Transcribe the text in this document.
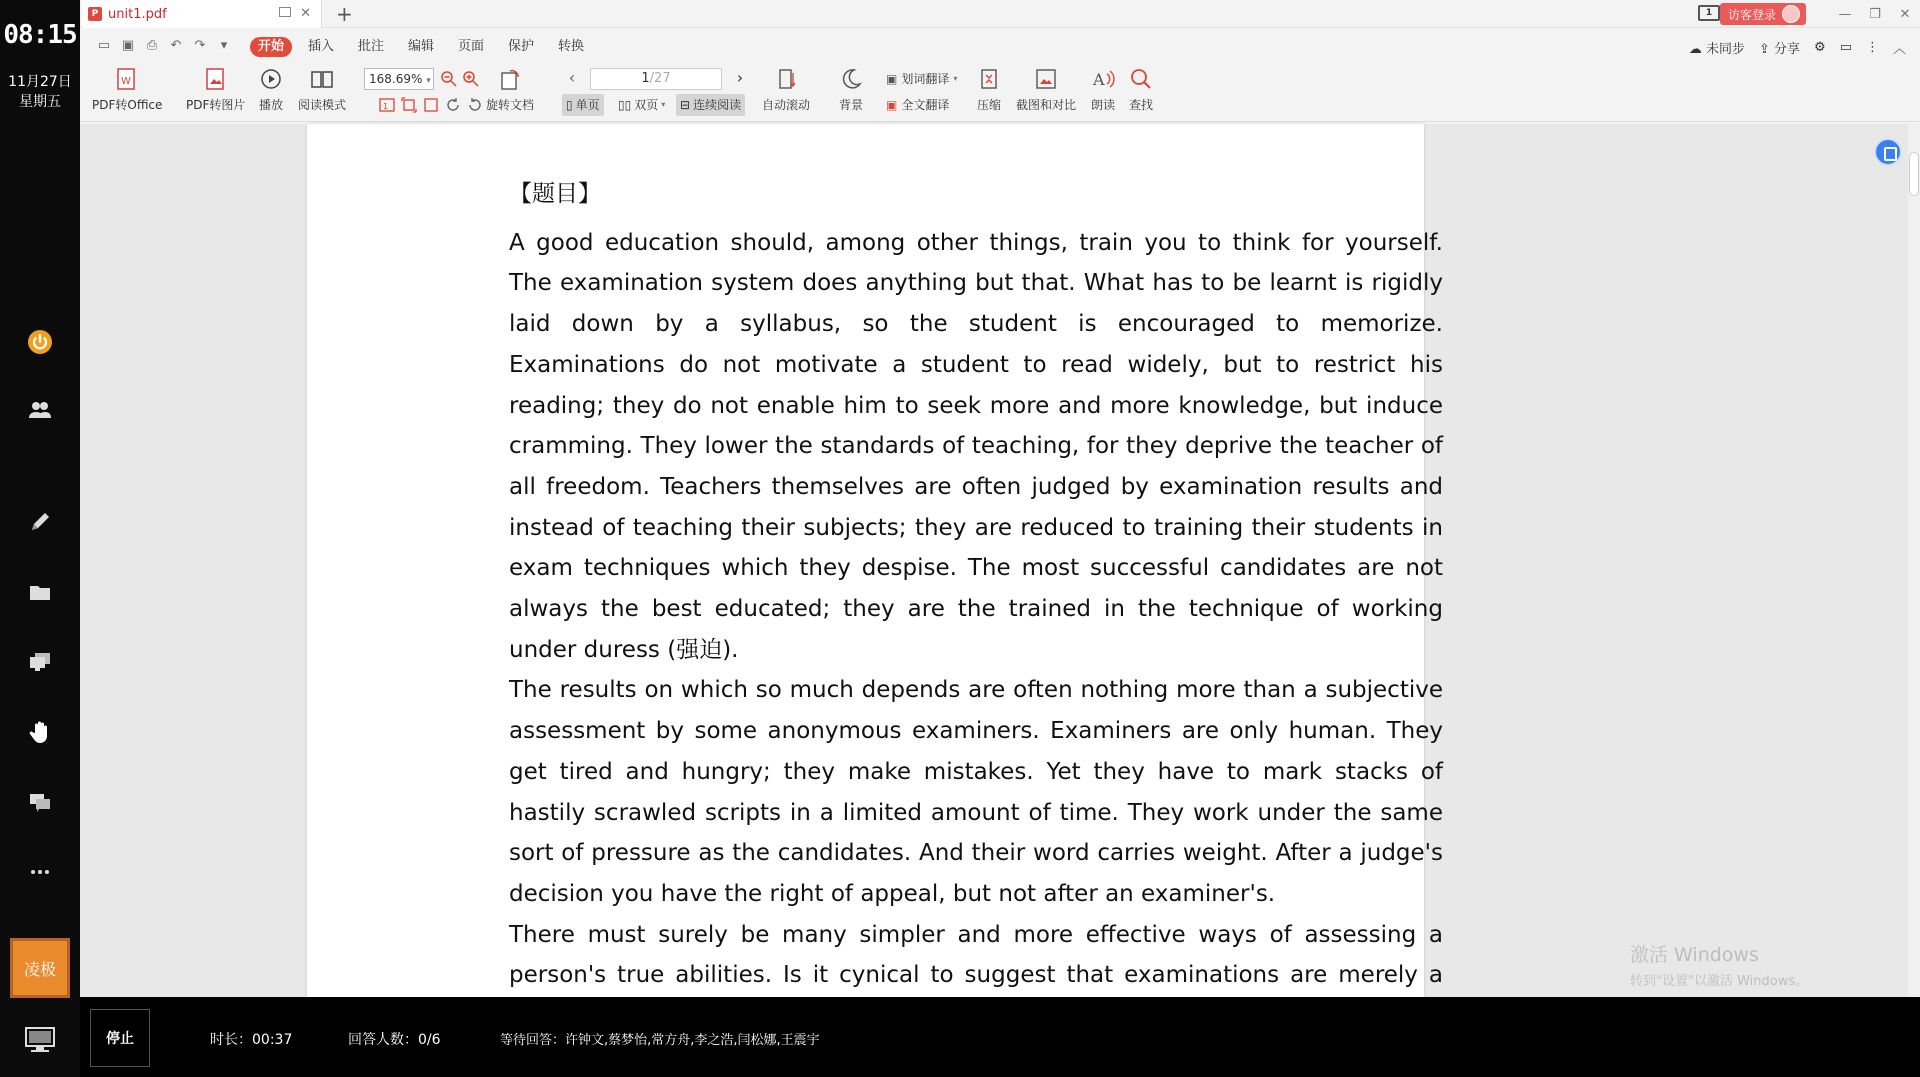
08:15
11月27日
星期五
凌极
P unit1.pdf	✕ +	1	访客登录	—	❐	✕
▭ ▣ ⎙ ↶ ↷	▾	开始	插入	批注	编辑	页面	保护	转换	☁ 未同步 ⇪ 分享 ⚙ ▭ ⋮ ︿
W
PDF转Office PDF转图片 播放 阅读模式
168.69% ▾
1	旋转文档
‹	1/27	›
▯ 单页 ▯▯ 双页 ▾ ⊟ 连续阅读 自动滚动 背景
▣ 划词翻译 ▾
▣ 全文翻译 压缩 截图和对比
A
朗读 查找
【题目】

A good education should, among other things, train you to think for yourself. The examination system does anything but that. What has to be learnt is rigidly laid down by a syllabus, so the student is encouraged to memorize. Examinations do not motivate a student to read widely, but to restrict his reading; they do not enable him to seek more and more knowledge, but induce cramming. They lower the standards of teaching, for they deprive the teacher of all freedom. Teachers themselves are often judged by examination results and instead of teaching their subjects; they are reduced to training their students in exam techniques which they despise. The most successful candidates are not always the best educated; they are the trained in the technique of working under duress (强迫).

The results on which so much depends are often nothing more than a subjective assessment by some anonymous examiners. Examiners are only human. They get tired and hungry; they make mistakes. Yet they have to mark stacks of hastily scrawled scripts in a limited amount of time. They work under the same sort of pressure as the candidates. And their word carries weight. After a judge's decision you have the right of appeal, but not after an examiner's.

There must surely be many simpler and more effective ways of assessing a person's true abilities. Is it cynical to suggest that examinations are merely a

激活 Windows
转到"设置"以激活 Windows。
停止	时长：00:37	回答人数：0/6	等待回答：许钟文,蔡梦怡,常方舟,李之浩,闫松娜,王震宇
